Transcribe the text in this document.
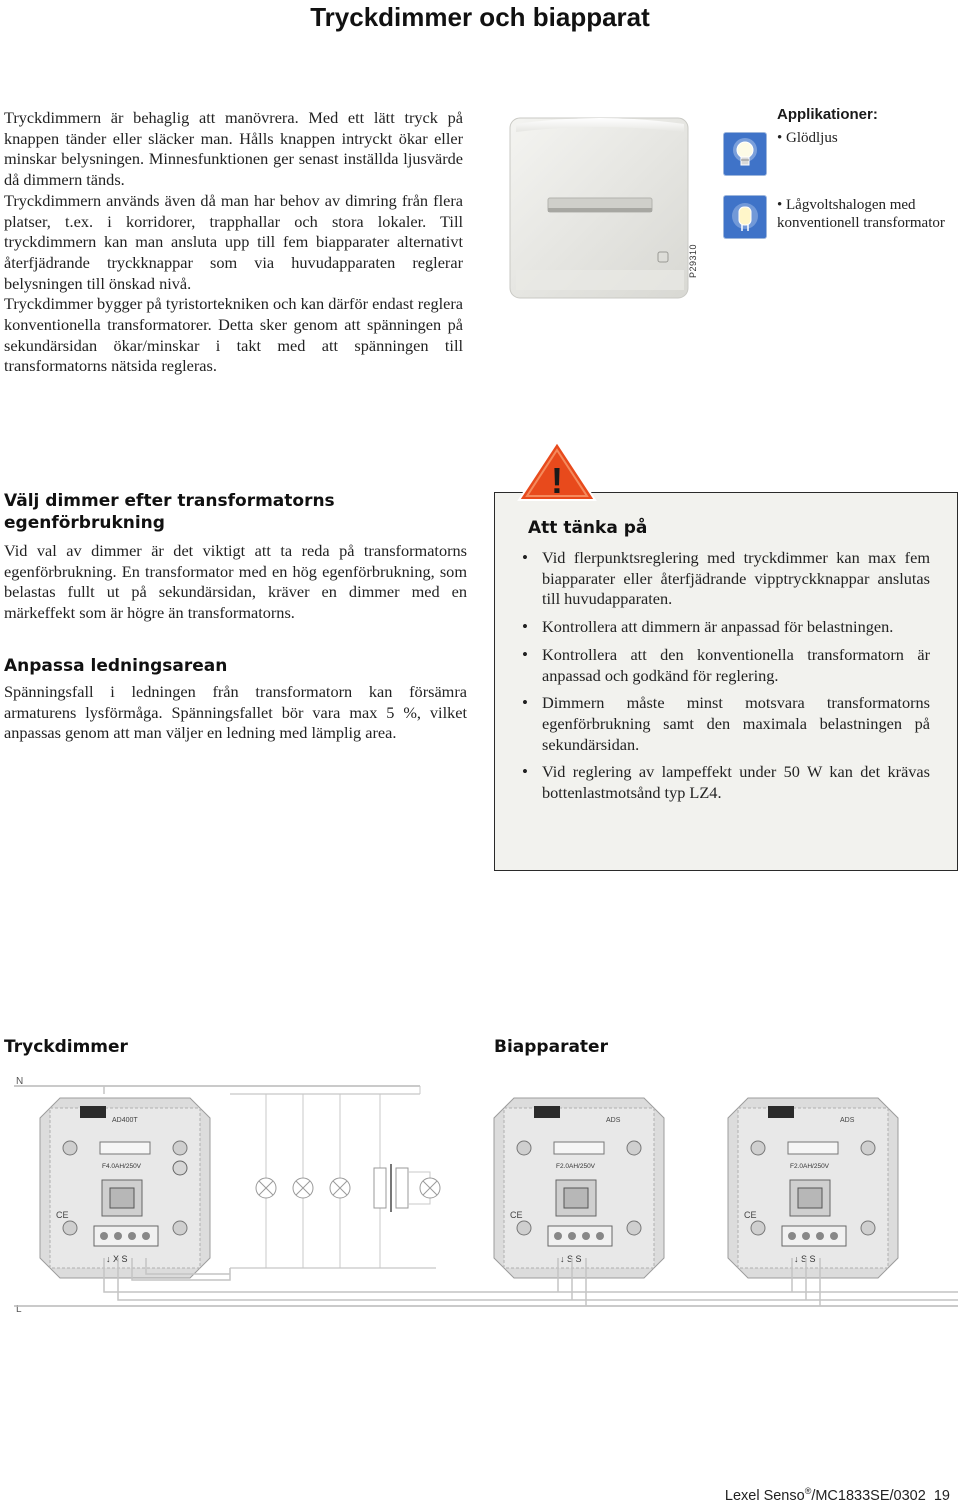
Tryckdimmer och biapparat

Tryckdimmern är behaglig att manövrera. Med ett lätt tryck på knappen tänder eller släcker man. Hålls knappen intryckt ökar eller minskar belysningen. Minnesfunktionen ger senast inställda ljusvärde då dimmern tänds.

Tryckdimmern används även då man har behov av dimring från flera platser, t.ex. i korridorer, trapphallar och stora lokaler. Till tryckdimmern kan man ansluta upp till fem biapparater alternativt återfjädrande tryckknappar som via huvudapparaten reglerar belysningen till önskad nivå.

Tryckdimmer bygger på tyristortekniken och kan därför endast reglera konventionella transformatorer. Detta sker genom att spänningen på sekundärsidan ökar/minskar i takt med att spänningen till transformatorns nätsida regleras.

P29310
Applikationer:
• Glödljus
• Lågvoltshalogen med konventionell transformator
Välj dimmer efter transformatorns egenförbrukning
Vid val av dimmer är det viktigt att ta reda på transformatorns egenförbrukning. En transformator med en hög egenförbrukning, som belastas fullt ut på sekundärsidan, kräver en dimmer med en märkeffekt som är högre än transformatorns.
Anpassa ledningsarean
Spänningsfall i ledningen från transformatorn kan försämra armaturens lysförmåga. Spänningsfallet bör vara max 5 %, vilket anpassas genom att man väljer en ledning med lämplig area.
!
Att tänka på
• Vid flerpunktsreglering med tryckdimmer kan max fem biapparater eller återfjädrande vipptryckknappar anslutas till huvudapparaten.
• Kontrollera att dimmern är anpassad för belastningen.
• Kontrollera att den konventionella transformatorn är anpassad och godkänd för reglering.
• Dimmern måste minst motsvara transformatorns egenförbrukning samt den maximala belastningen på sekundärsidan.
• Vid reglering av lampeffekt under 50 W kan det krävas bottenlastmotsånd typ LZ4.
Tryckdimmer	Biapparater
N
L
CE
AD400T
F4.0AH/250V
↓ X S
ADS
F2.0AH/250V
↓ S S
ADS
F2.0AH/250V
↓ S S
Lexel Senso®/MC1833SE/0302 19
